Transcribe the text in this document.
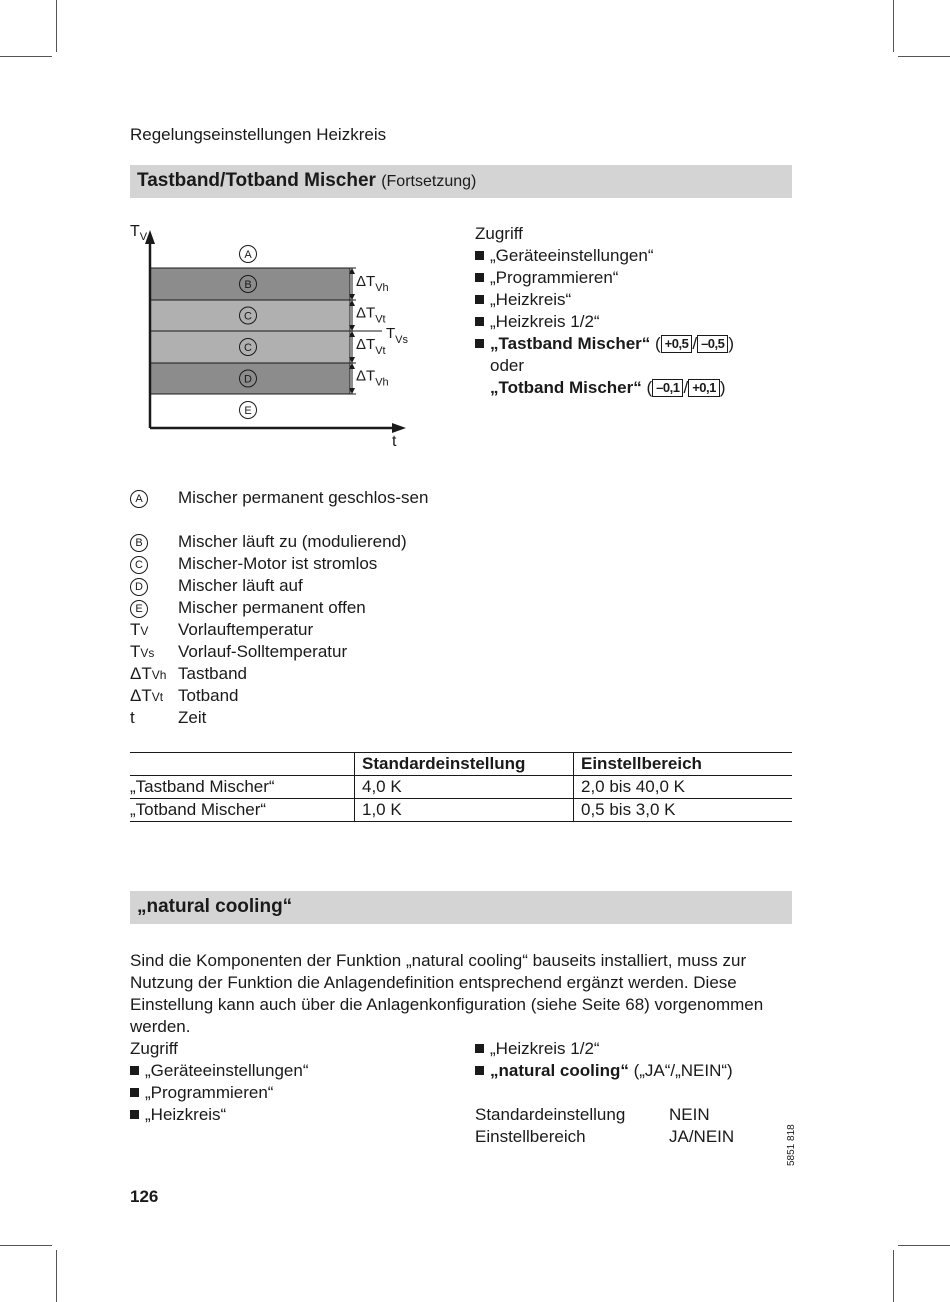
Regelungseinstellungen Heizkreis
Tastband/Totband Mischer (Fortsetzung)
A
B
C
C
D
E
$\Delta T_{Vh}$
$\Delta T_{Vt}$
$\Delta T_{Vt}$
$\Delta T_{Vh}$
$T_V$
t
$T_{Vs}$
Zugriff
„Geräteeinstellungen“
„Programmieren“
„Heizkreis“
„Heizkreis 1/2“
„Tastband Mischer“ ( +0,5 / –0,5 )
oder
„Totband Mischer“ ( –0,1 / +0,1 )
A	Mischer permanent geschlos-sen
B	Mischer läuft zu (modulierend)
C Mischer-Motor ist stromlos
D Mischer läuft auf
E	Mischer permanent offen
TV Vorlauftemperatur
TVs Vorlauf-Solltemperatur
ΔTVh Tastband
ΔTVt Totband
t	Zeit
	Standardeinstellung	Einstellbereich
„Tastband Mischer“	4,0 K	2,0 bis 40,0 K
„Totband Mischer“	1,0 K	0,5 bis 3,0 K
„natural cooling“
Sind die Komponenten der Funktion „natural cooling“ bauseits installiert, muss zur Nutzung der Funktion die Anlagendefinition entsprechend ergänzt werden. Diese Einstellung kann auch über die Anlagenkonfiguration (siehe Seite 68) vorgenommen werden.
Zugriff
„Geräteeinstellungen“
„Programmieren“
„Heizkreis“
„Heizkreis 1/2“
„natural cooling“ („JA“/„NEIN“)
Standardeinstellung	NEIN
Einstellbereich	JA/NEIN	5851 818
126
